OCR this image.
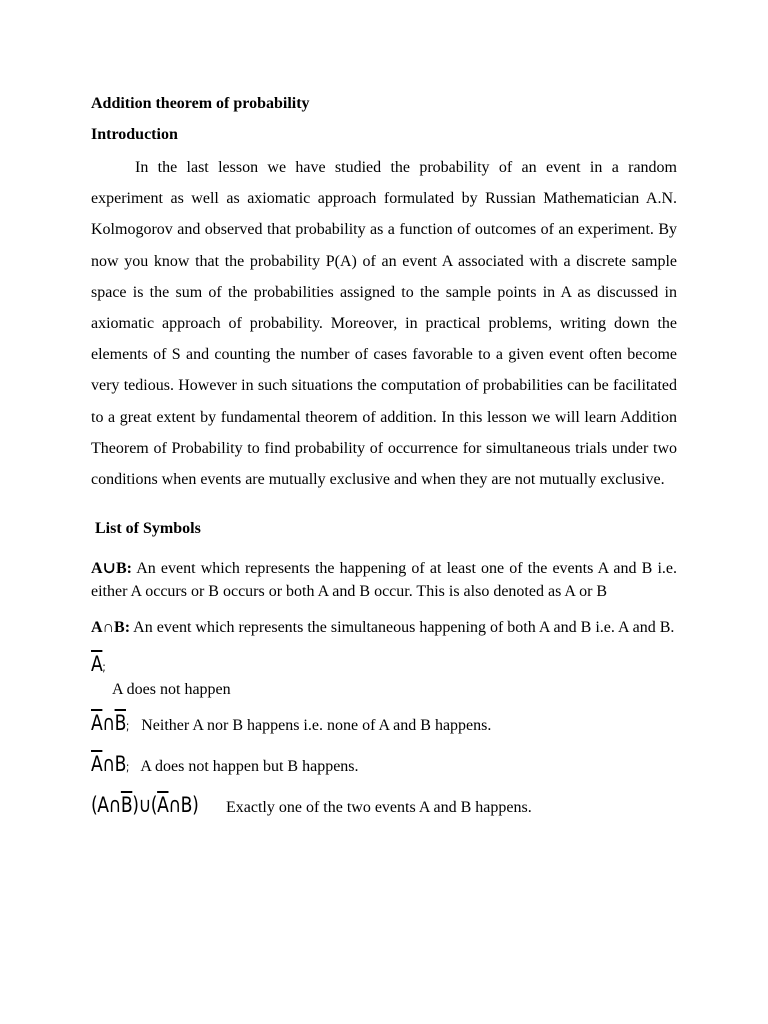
Addition theorem of probability

Introduction

In the last lesson we have studied the probability of an event in a random experiment as well as axiomatic approach formulated by Russian Mathematician A.N. Kolmogorov and observed that probability as a function of outcomes of an experiment. By now you know that the probability P(A) of an event A associated with a discrete sample space is the sum of the probabilities assigned to the sample points in A as discussed in axiomatic approach of probability. Moreover, in practical problems, writing down the elements of S and counting the number of cases favorable to a given event often become very tedious. However in such situations the computation of probabilities can be facilitated to a great extent by fundamental theorem of addition. In this lesson we will learn Addition Theorem of Probability to find probability of occurrence for simultaneous trials under two conditions when events are mutually exclusive and when they are not mutually exclusive.

List of Symbols

A∪B: An event which represents the happening of at least one of the events A and B i.e. either A occurs or B occurs or both A and B occur. This is also denoted as A or B

A∩B: An event which represents the simultaneous happening of both A and B i.e. A and B.

$\overline{A}$;

A does not happen

$\overline{A}\cap\overline{B}$; Neither A nor B happens i.e. none of A and B happens.

$\overline{A}\cap B$; A does not happen but B happens.

$(A\cap\overline{B})\cup(\overline{A}\cap B)$ Exactly one of the two events A and B happens.
